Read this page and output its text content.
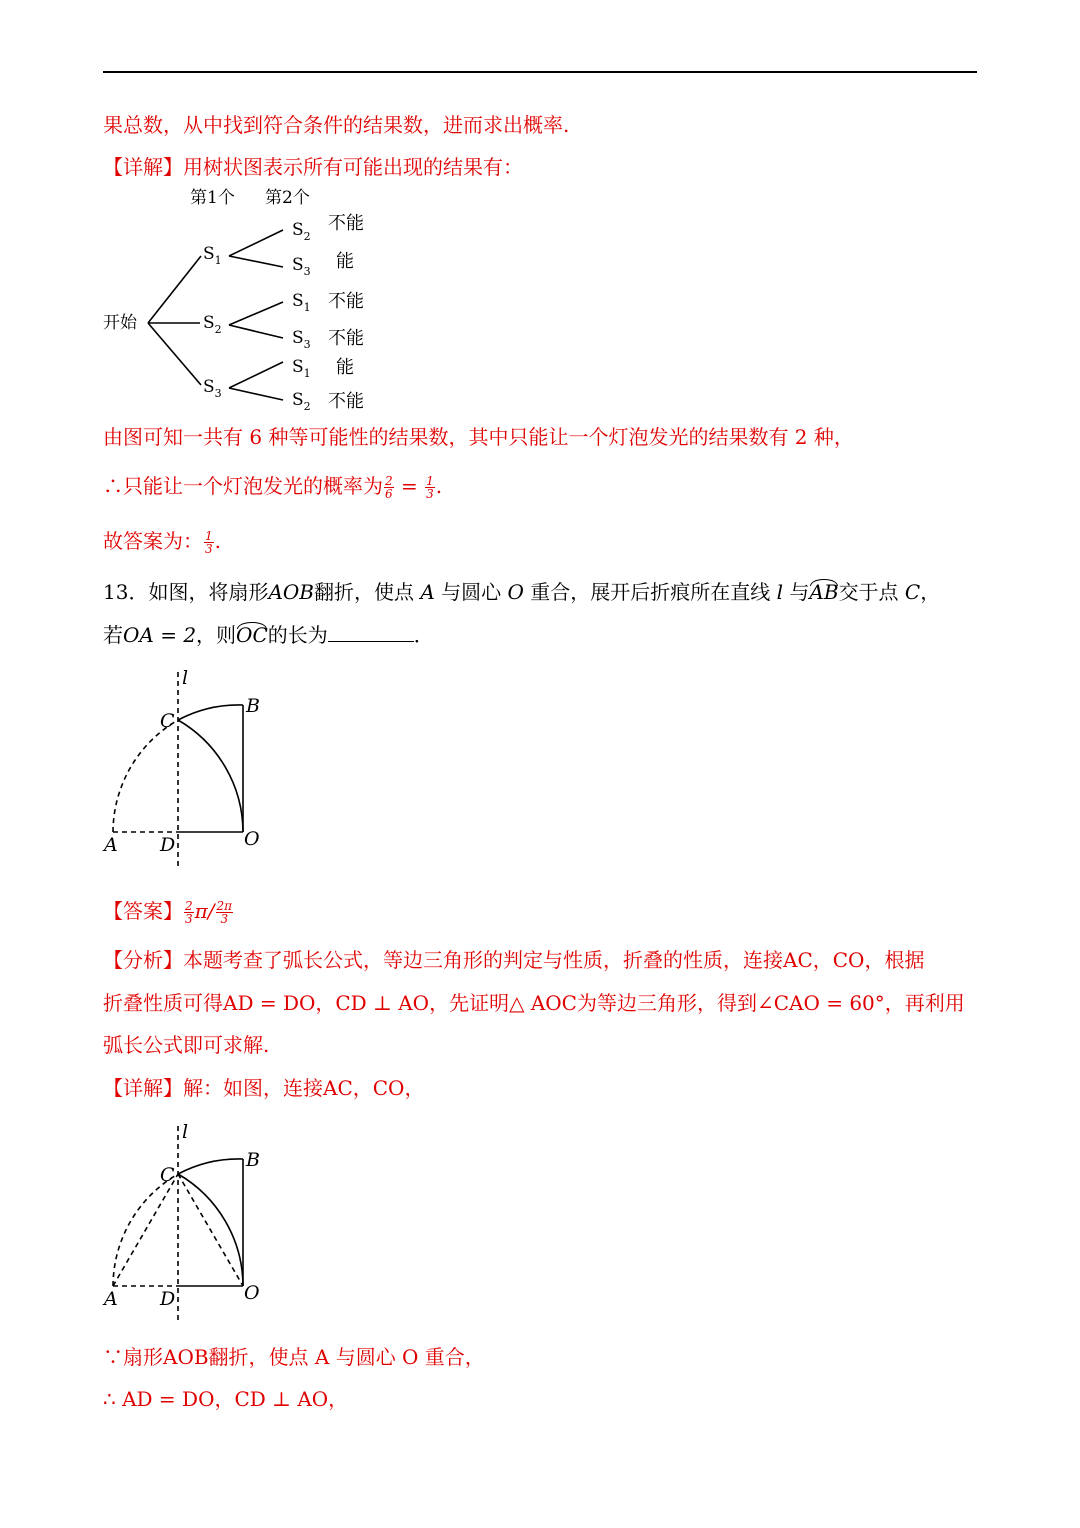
果总数，从中找到符合条件的结果数，进而求出概率.
【详解】用树状图表示所有可能出现的结果有：
第1个 第2个
开始
$S_1$
$S_2$
$S_3$
$S_2$
$S_3$
$S_1$
$S_3$
$S_1$
$S_2$
不能
能
不能
不能
能
不能
由图可知一共有 6 种等可能性的结果数，其中只能让一个灯泡发光的结果数有 2 种，
∴只能让一个灯泡发光的概率为 $\frac{2}{6} = \frac{1}{3}$ .
故答案为： $\frac{1}{3}$ .
13．如图，将扇形AOB翻折，使点 A 与圆心 O 重合，展开后折痕所在直线 l 与AB交于点 C，
若OA = 2，则OC的长为	．
l
B
C
A D	O
【答案】 $\frac{2}{3} \pi/ \frac{2\pi}{3}$
【分析】本题考查了弧长公式，等边三角形的判定与性质，折叠的性质，连接AC，CO，根据
折叠性质可得AD = DO，CD ⊥ AO，先证明△ AOC为等边三角形，得到∠CAO = 60°，再利用
弧长公式即可求解.
【详解】解：如图，连接AC，CO，
l
B
C
A D	O
∵扇形AOB翻折，使点 A 与圆心 O 重合，
∴ AD = DO，CD ⊥ AO，
